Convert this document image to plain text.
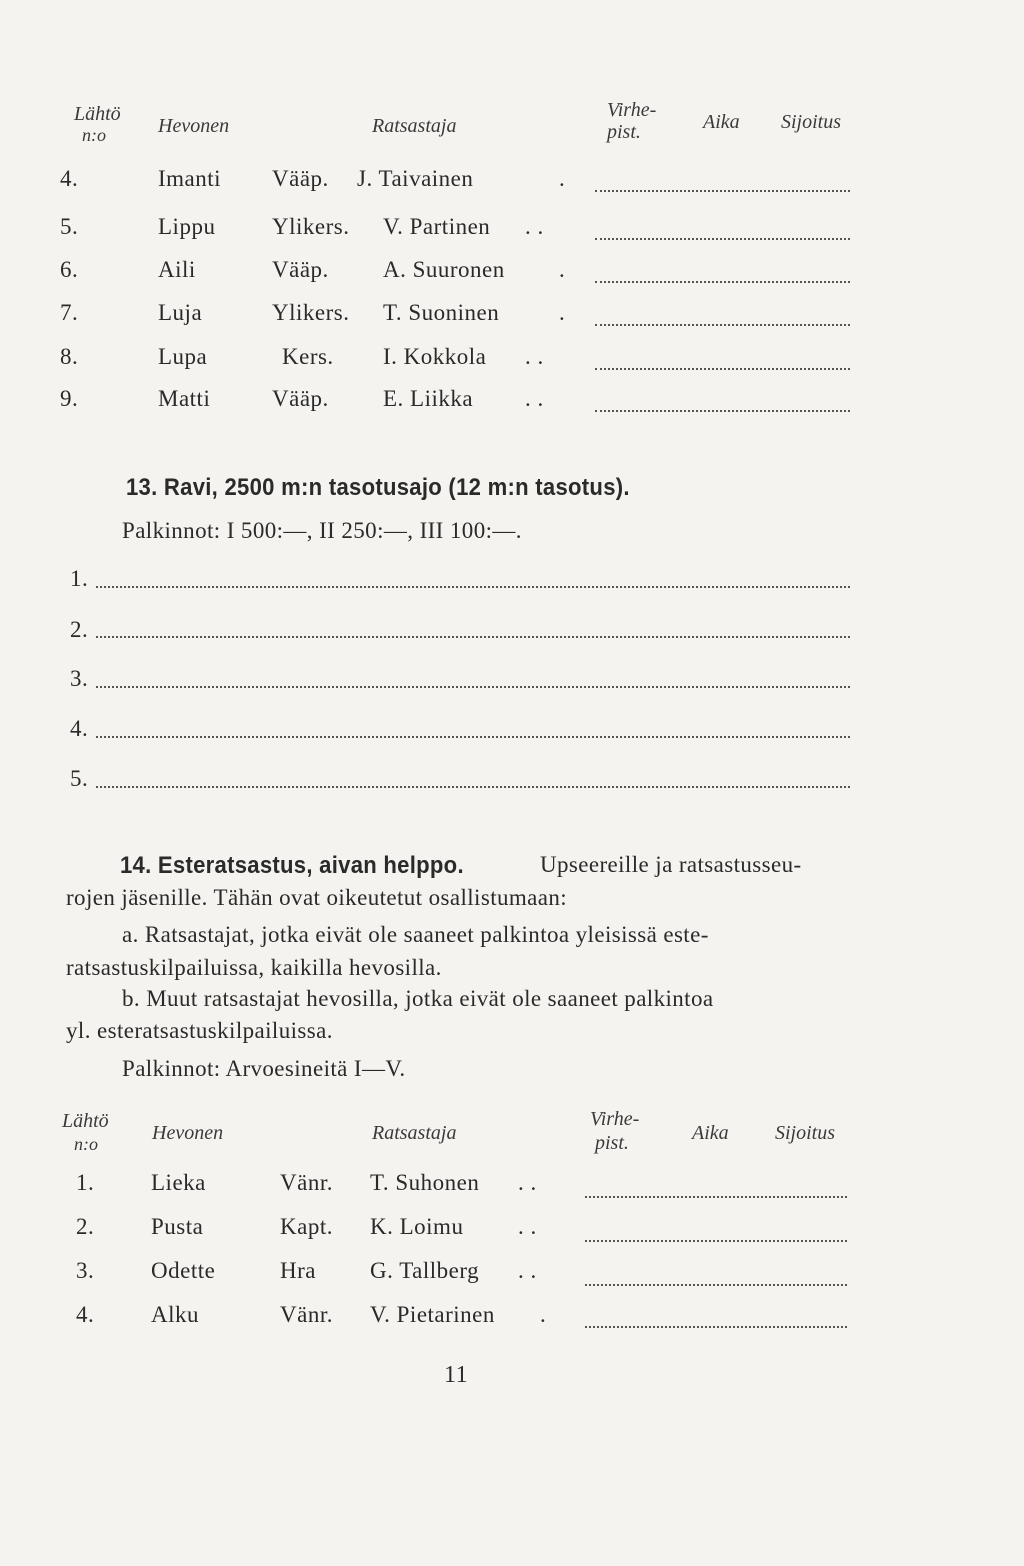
Lähtö
n:o	Hevonen	Ratsastaja
Virhe-
pist.	Aika Sijoitus
4.	Imanti Vääp. J. Taivainen	.
5.	Lippu Ylikers. V. Partinen . .
6.	Aili	Vääp. A. Suuronen .
7.	Luja	Ylikers. T. Suoninen	.
8.	Lupa	Kers. I. Kokkola . .
9.	Matti	Vääp. E. Liikka . .
13. Ravi, 2500 m:n tasotusajo (12 m:n tasotus).
Palkinnot: I 500:—, II 250:—, III 100:—.
1.
2.
3.
4.
5.
14. Esteratsastus, aivan helppo.	Upseereille ja ratsastusseu-
rojen jäsenille. Tähän ovat oikeutetut osallistumaan:
a. Ratsastajat, jotka eivät ole saaneet palkintoa yleisissä este-
ratsastuskilpailuissa, kaikilla hevosilla.
b. Muut ratsastajat hevosilla, jotka eivät ole saaneet palkintoa
yl. esteratsastuskilpailuissa.
Palkinnot: Arvoesineitä I—V.
Lähtö
n:o	Hevonen	Ratsastaja
Virhe-
pist.	Aika Sijoitus
1. Lieka	Vänr. T. Suhonen . .
2. Pusta	Kapt. K. Loimu . .
3. Odette	Hra G. Tallberg . .
4. Alku	Vänr. V. Pietarinen .
11
